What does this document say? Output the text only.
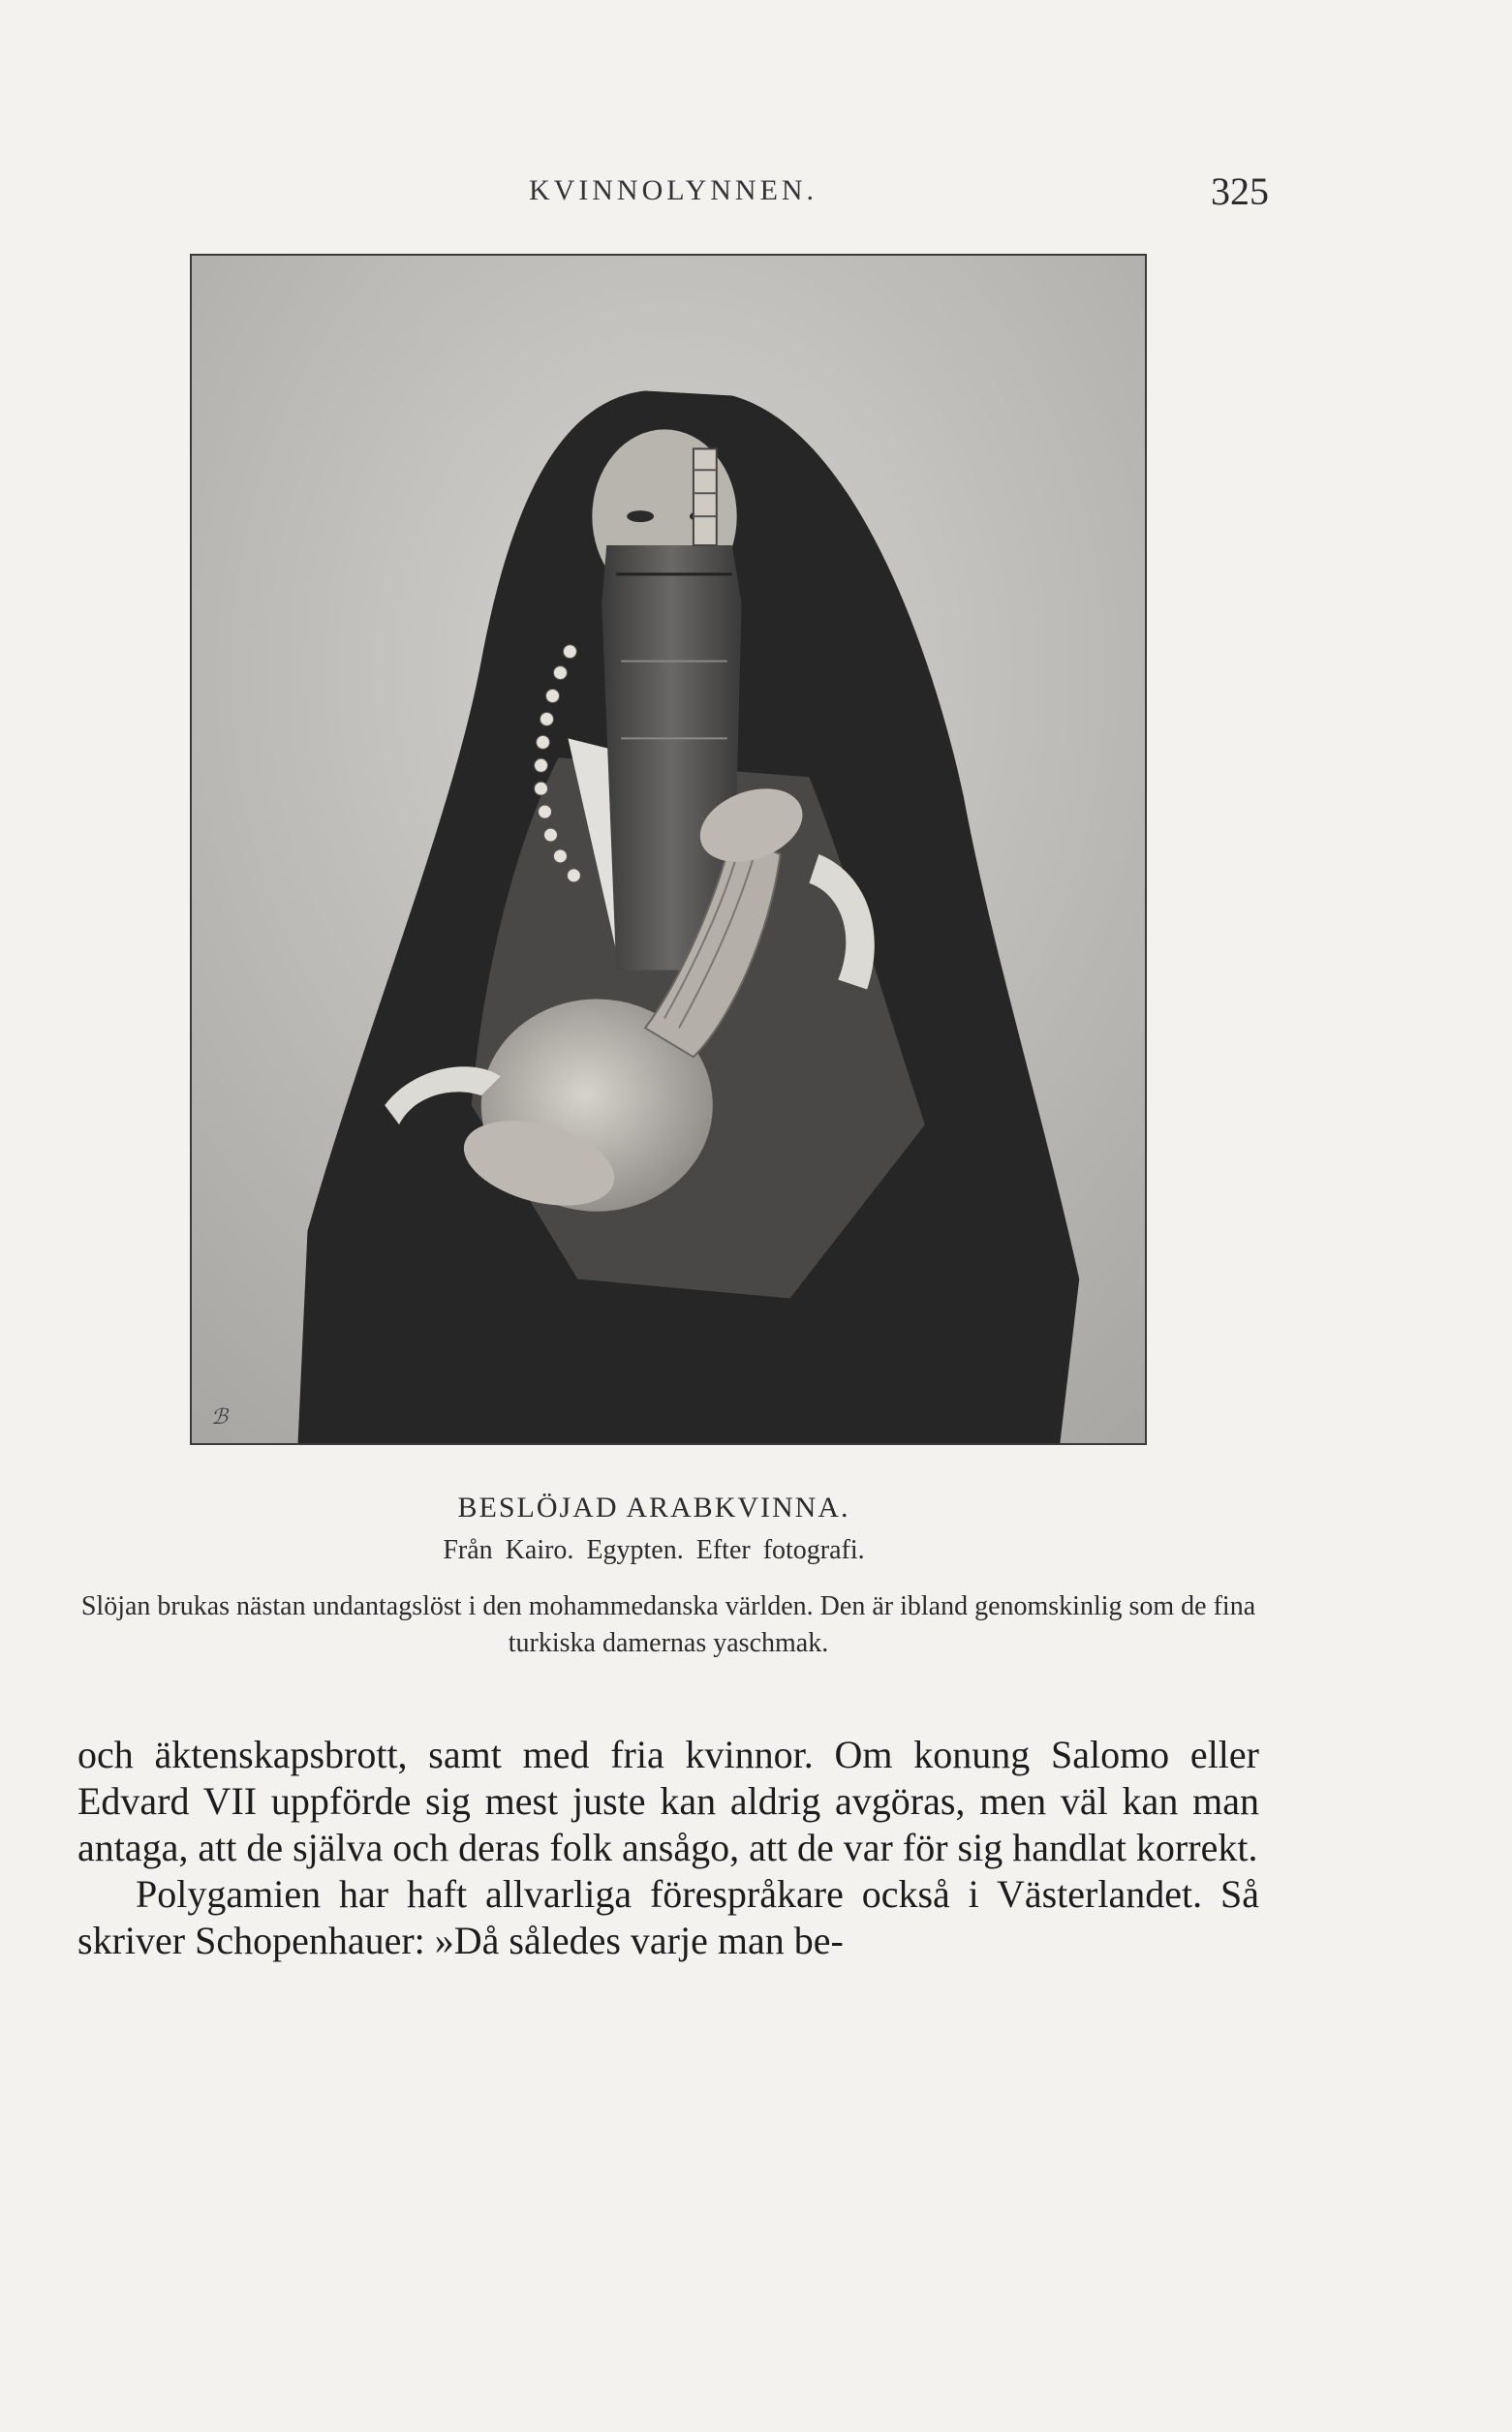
KVINNOLYNNEN.	325
ℬ
BESLÖJAD ARABKVINNA.
Från Kairo. Egypten. Efter fotografi.
Slöjan brukas nästan undantagslöst i den mohammedanska världen. Den är ibland genomskinlig som de fina turkiska damernas yaschmak.

och äktenskapsbrott, samt med fria kvinnor. Om konung Salomo eller Edvard VII uppförde sig mest juste kan aldrig avgöras, men väl kan man antaga, att de själva och deras folk ansågo, att de var för sig handlat korrekt.

Polygamien har haft allvarliga förespråkare också i Västerlandet. Så skriver Schopenhauer: »Då således varje man be-
